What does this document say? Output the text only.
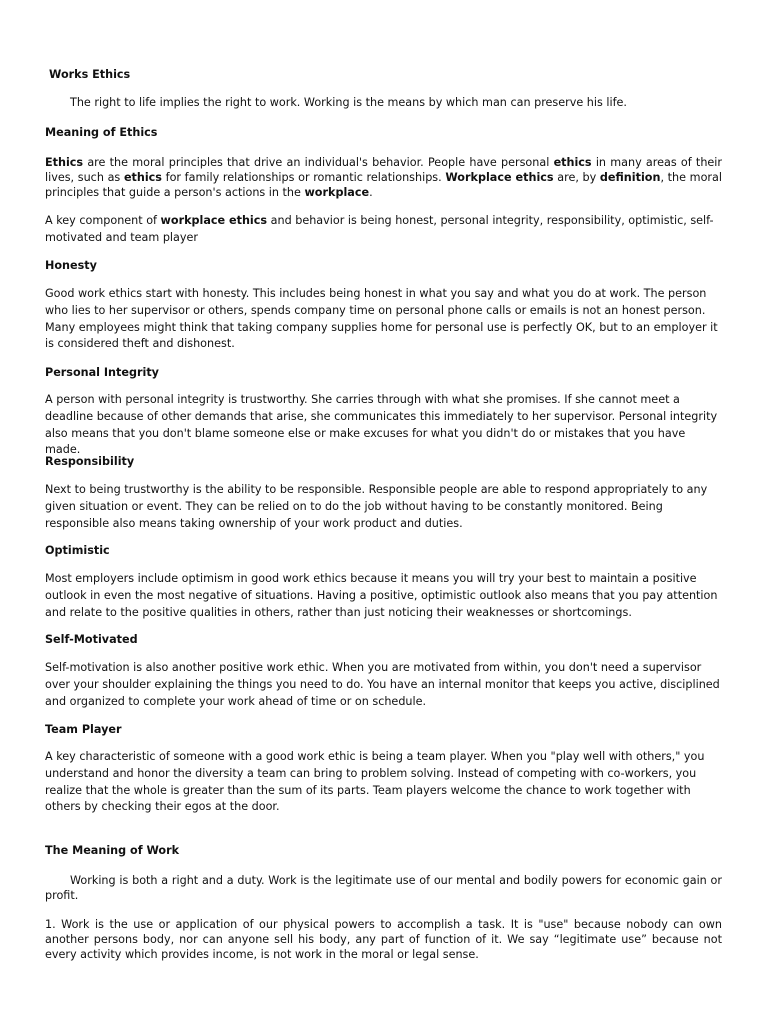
Works Ethics
The right to life implies the right to work. Working is the means by which man can preserve his life.
Meaning of Ethics
Ethics are the moral principles that drive an individual's behavior. People have personal ethics in many areas of their lives, such as ethics for family relationships or romantic relationships. Workplace ethics are, by definition, the moral principles that guide a person's actions in the workplace.
A key component of workplace ethics and behavior is being honest, personal integrity, responsibility, optimistic, self-motivated and team player
Honesty
Good work ethics start with honesty. This includes being honest in what you say and what you do at work. The person who lies to her supervisor or others, spends company time on personal phone calls or emails is not an honest person. Many employees might think that taking company supplies home for personal use is perfectly OK, but to an employer it is considered theft and dishonest.
Personal Integrity
A person with personal integrity is trustworthy. She carries through with what she promises. If she cannot meet a deadline because of other demands that arise, she communicates this immediately to her supervisor. Personal integrity also means that you don't blame someone else or make excuses for what you didn't do or mistakes that you have made.
Responsibility
Next to being trustworthy is the ability to be responsible. Responsible people are able to respond appropriately to any given situation or event. They can be relied on to do the job without having to be constantly monitored. Being responsible also means taking ownership of your work product and duties.
Optimistic
Most employers include optimism in good work ethics because it means you will try your best to maintain a positive outlook in even the most negative of situations. Having a positive, optimistic outlook also means that you pay attention and relate to the positive qualities in others, rather than just noticing their weaknesses or shortcomings.
Self-Motivated
Self-motivation is also another positive work ethic. When you are motivated from within, you don't need a supervisor over your shoulder explaining the things you need to do. You have an internal monitor that keeps you active, disciplined and organized to complete your work ahead of time or on schedule.
Team Player
A key characteristic of someone with a good work ethic is being a team player. When you "play well with others," you understand and honor the diversity a team can bring to problem solving. Instead of competing with co-workers, you realize that the whole is greater than the sum of its parts. Team players welcome the chance to work together with others by checking their egos at the door.
The Meaning of Work
Working is both a right and a duty. Work is the legitimate use of our mental and bodily powers for economic gain or profit.
1. Work is the use or application of our physical powers to accomplish a task. It is "use" because nobody can own another persons body, nor can anyone sell his body, any part of function of it. We say “legitimate use” because not every activity which provides income, is not work in the moral or legal sense.
